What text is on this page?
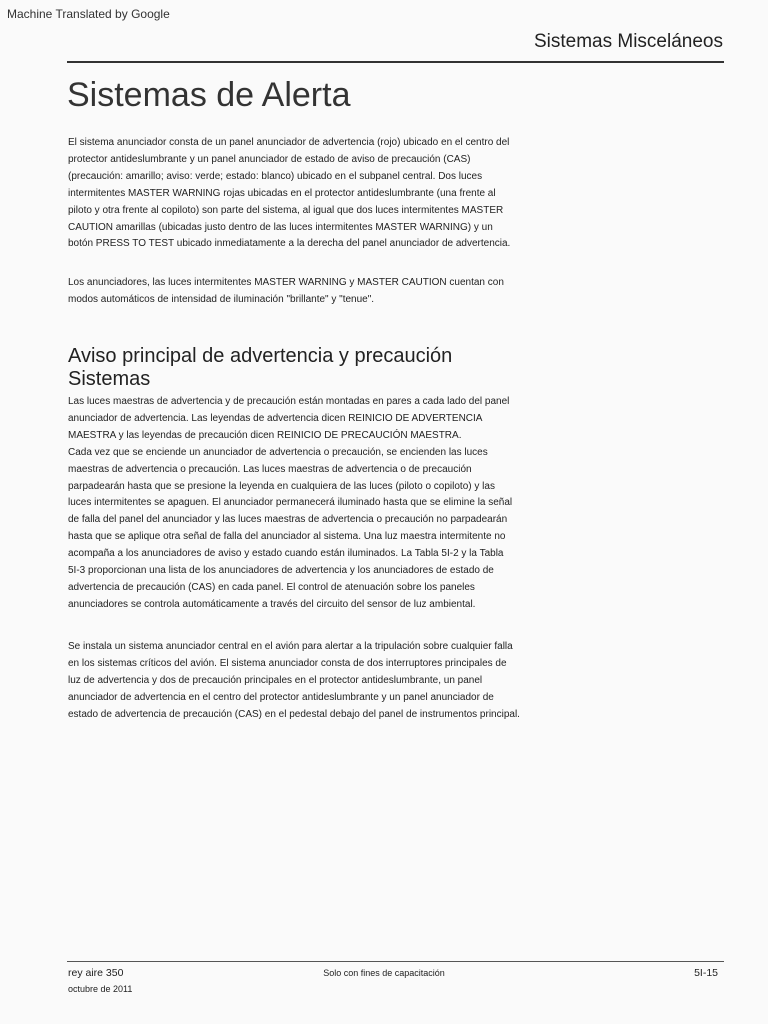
Machine Translated by Google
Sistemas Misceláneos
Sistemas de Alerta
El sistema anunciador consta de un panel anunciador de advertencia (rojo) ubicado en el centro del
protector antideslumbrante y un panel anunciador de estado de aviso de precaución (CAS)
(precaución: amarillo; aviso: verde; estado: blanco) ubicado en el subpanel central. Dos luces
intermitentes MASTER WARNING rojas ubicadas en el protector antideslumbrante (una frente al
piloto y otra frente al copiloto) son parte del sistema, al igual que dos luces intermitentes MASTER
CAUTION amarillas (ubicadas justo dentro de las luces intermitentes MASTER WARNING) y un
botón PRESS TO TEST ubicado inmediatamente a la derecha del panel anunciador de advertencia.
Los anunciadores, las luces intermitentes MASTER WARNING y MASTER CAUTION cuentan con
modos automáticos de intensidad de iluminación "brillante" y "tenue".
Aviso principal de advertencia y precaución
Sistemas
Las luces maestras de advertencia y de precaución están montadas en pares a cada lado del panel
anunciador de advertencia. Las leyendas de advertencia dicen REINICIO DE ADVERTENCIA
MAESTRA y las leyendas de precaución dicen REINICIO DE PRECAUCIÓN MAESTRA.
Cada vez que se enciende un anunciador de advertencia o precaución, se encienden las luces
maestras de advertencia o precaución. Las luces maestras de advertencia o de precaución
parpadearán hasta que se presione la leyenda en cualquiera de las luces (piloto o copiloto) y las
luces intermitentes se apaguen. El anunciador permanecerá iluminado hasta que se elimine la señal
de falla del panel del anunciador y las luces maestras de advertencia o precaución no parpadearán
hasta que se aplique otra señal de falla del anunciador al sistema. Una luz maestra intermitente no
acompaña a los anunciadores de aviso y estado cuando están iluminados. La Tabla 5I-2 y la Tabla
5I-3 proporcionan una lista de los anunciadores de advertencia y los anunciadores de estado de
advertencia de precaución (CAS) en cada panel. El control de atenuación sobre los paneles
anunciadores se controla automáticamente a través del circuito del sensor de luz ambiental.
Se instala un sistema anunciador central en el avión para alertar a la tripulación sobre cualquier falla
en los sistemas críticos del avión. El sistema anunciador consta de dos interruptores principales de
luz de advertencia y dos de precaución principales en el protector antideslumbrante, un panel
anunciador de advertencia en el centro del protector antideslumbrante y un panel anunciador de
estado de advertencia de precaución (CAS) en el pedestal debajo del panel de instrumentos principal.
rey aire 350
octubre de 2011
Solo con fines de capacitación	5I-15
